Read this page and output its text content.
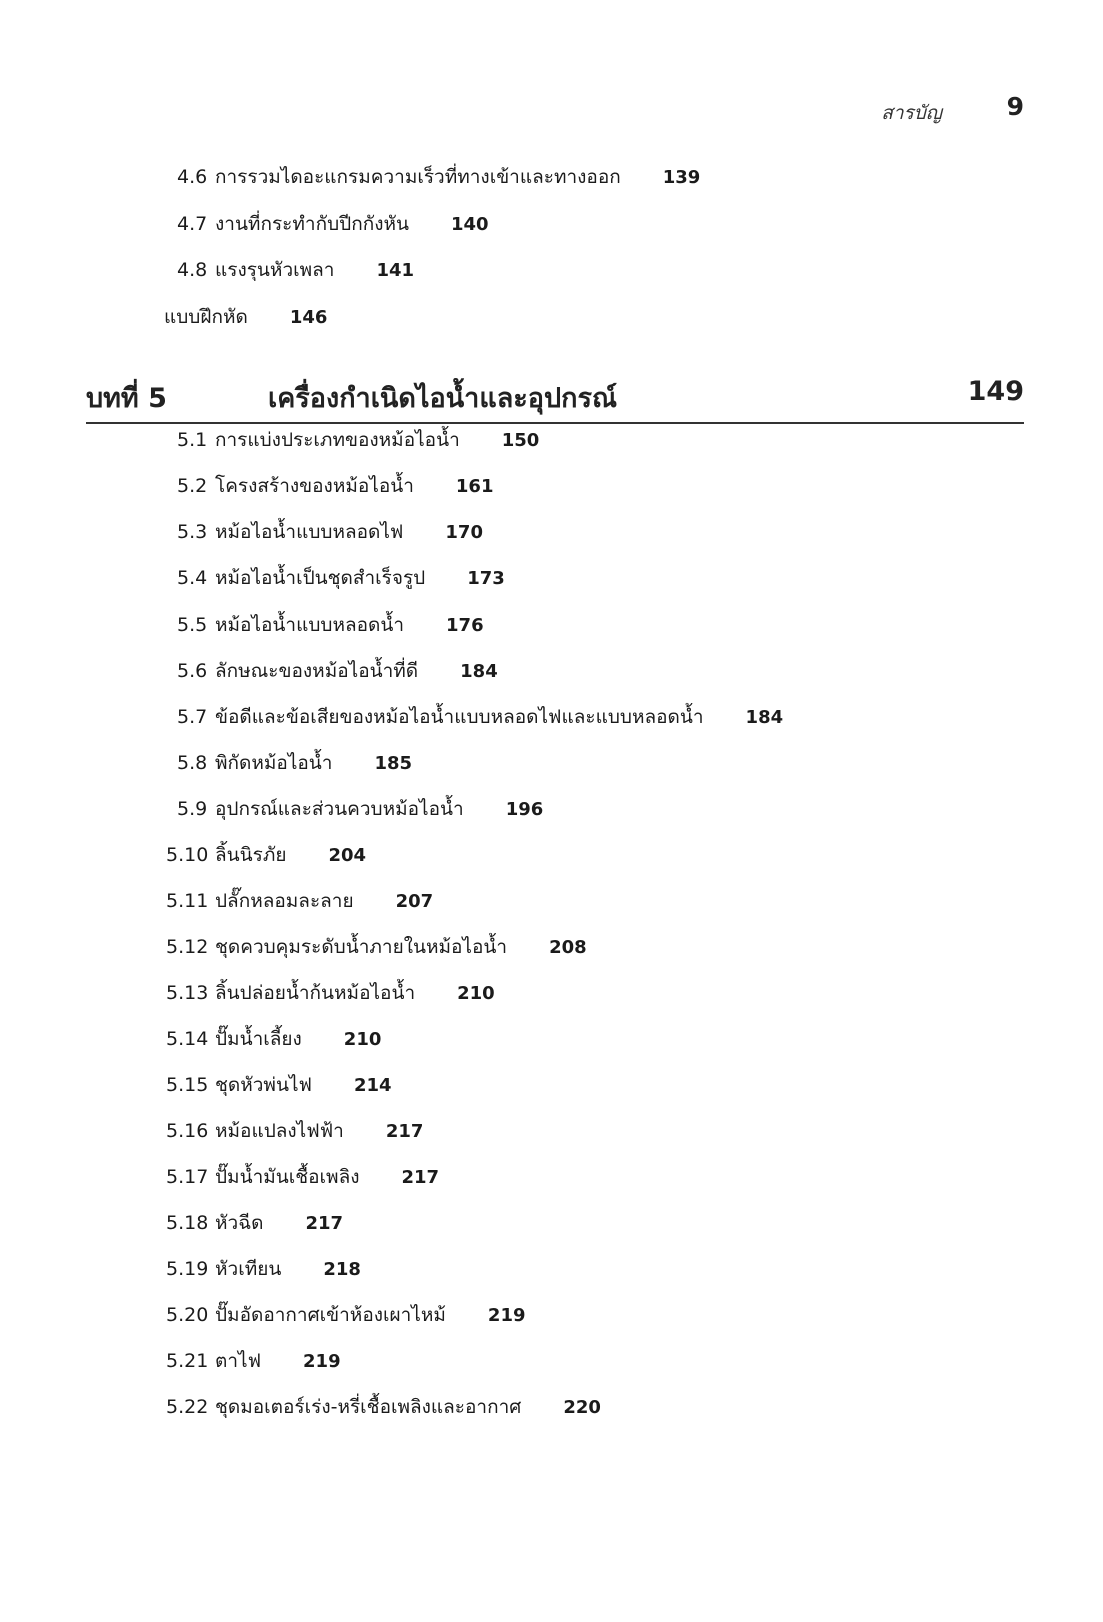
สารบัญ	9
4.6 การรวมไดอะแกรมความเร็วที่ทางเข้าและทางออก 139
4.7 งานที่กระทำกับปีกกังหัน 140
4.8 แรงรุนหัวเพลา 141
แบบฝึกหัด 146
บทที่ 5	เครื่องกำเนิดไอน้ำและอุปกรณ์	149
5.1 การแบ่งประเภทของหม้อไอน้ำ 150
5.2 โครงสร้างของหม้อไอน้ำ 161
5.3 หม้อไอน้ำแบบหลอดไฟ 170
5.4 หม้อไอน้ำเป็นชุดสำเร็จรูป 173
5.5 หม้อไอน้ำแบบหลอดน้ำ 176
5.6 ลักษณะของหม้อไอน้ำที่ดี 184
5.7 ข้อดีและข้อเสียของหม้อไอน้ำแบบหลอดไฟและแบบหลอดน้ำ 184
5.8 พิกัดหม้อไอน้ำ 185
5.9 อุปกรณ์และส่วนควบหม้อไอน้ำ 196
5.10 ลิ้นนิรภัย 204
5.11 ปลั๊กหลอมละลาย 207
5.12 ชุดควบคุมระดับน้ำภายในหม้อไอน้ำ 208
5.13 ลิ้นปล่อยน้ำก้นหม้อไอน้ำ 210
5.14 ปั๊มน้ำเลี้ยง 210
5.15 ชุดหัวพ่นไฟ 214
5.16 หม้อแปลงไฟฟ้า 217
5.17 ปั๊มน้ำมันเชื้อเพลิง 217
5.18 หัวฉีด 217
5.19 หัวเทียน 218
5.20 ปั๊มอัดอากาศเข้าห้องเผาไหม้ 219
5.21 ตาไฟ 219
5.22 ชุดมอเตอร์เร่ง-หรี่เชื้อเพลิงและอากาศ 220
